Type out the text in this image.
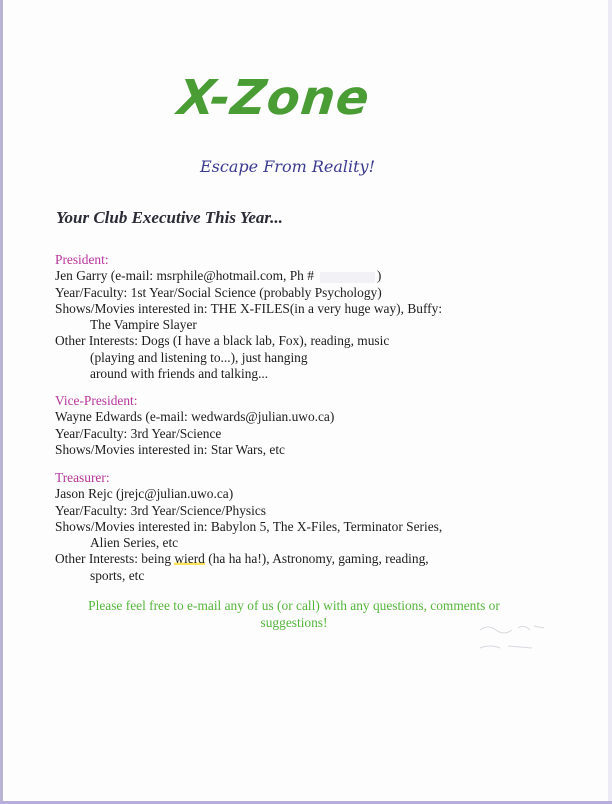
X-Zone
Escape From Reality!
Your Club Executive This Year...
President:
Jen Garry (e-mail: msrphile@hotmail.com, Ph #	)
Year/Faculty: 1st Year/Social Science (probably Psychology)
Shows/Movies interested in: THE X-FILES(in a very huge way), Buffy:
The Vampire Slayer
Other Interests: Dogs (I have a black lab, Fox), reading, music
(playing and listening to...), just hanging
around with friends and talking...
Vice-President:
Wayne Edwards (e-mail: wedwards@julian.uwo.ca)
Year/Faculty: 3rd Year/Science
Shows/Movies interested in: Star Wars, etc
Treasurer:
Jason Rejc (jrejc@julian.uwo.ca)
Year/Faculty: 3rd Year/Science/Physics
Shows/Movies interested in: Babylon 5, The X-Files, Terminator Series,
Alien Series, etc
Other Interests: being wierd (ha ha ha!), Astronomy, gaming, reading,
sports, etc
Please feel free to e-mail any of us (or call) with any questions, comments or
suggestions!
